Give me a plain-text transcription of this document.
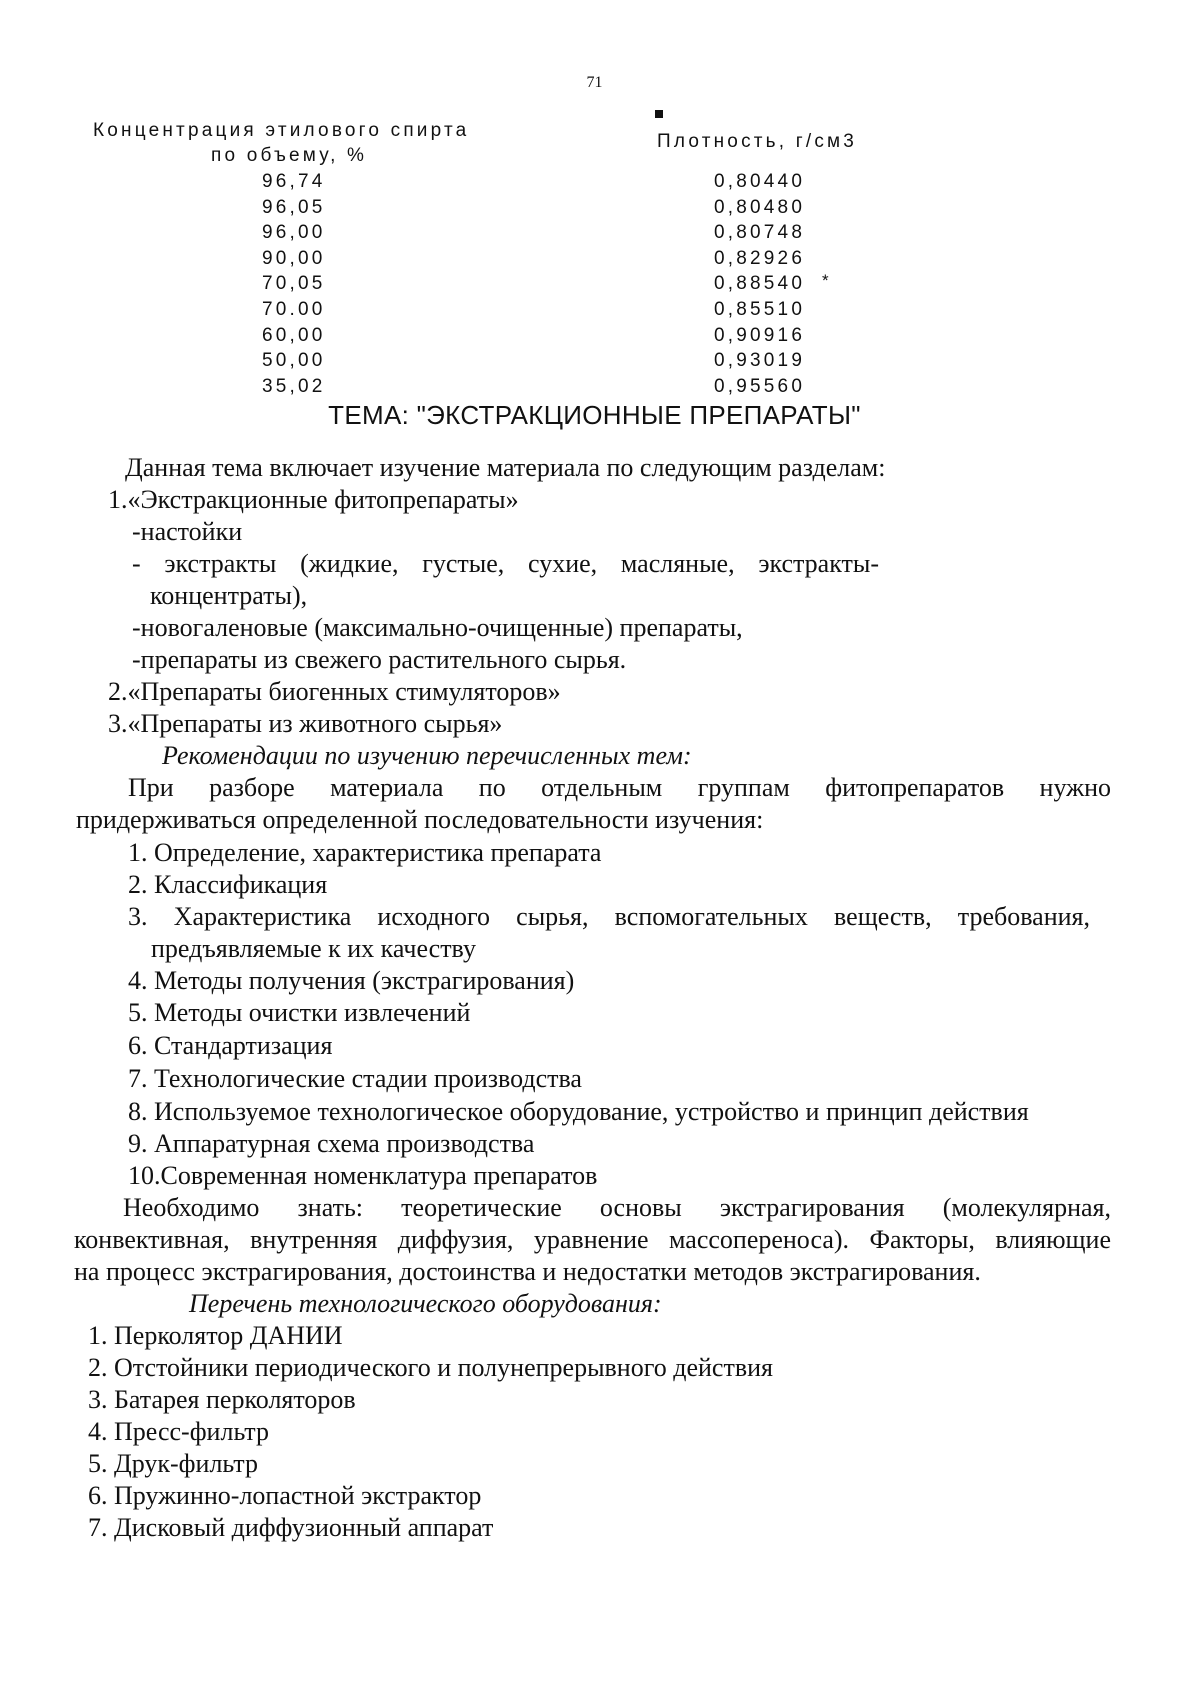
71
Концентрация этилового спирта
по объему, %
Плотность, г/см3
96,74
96,05
96,00
90,00
70,05
70.00
60,00
50,00
35,02
0,80440
0,80480
0,80748
0,82926
0,88540
0,85510
0,90916
0,93019
0,95560
*
ТЕМА: "ЭКСТРАКЦИОННЫЕ ПРЕПАРАТЫ"
Данная тема включает изучение материала по следующим разделам:
1.«Экстракционные фитопрепараты»
-настойки
- экстракты (жидкие, густые, сухие, масляные, экстракты-
концентраты),
-новогаленовые (максимально-очищенные) препараты,
-препараты из свежего растительного сырья.
2.«Препараты биогенных стимуляторов»
3.«Препараты из животного сырья»
Рекомендации по изучению перечисленных тем:
При разборе материала по отдельным группам фитопрепаратов нужно
придерживаться определенной последовательности изучения:
1. Определение, характеристика препарата
2. Классификация
3. Характеристика исходного сырья, вспомогательных веществ, требования,
предъявляемые к их качеству
4. Методы получения (экстрагирования)
5. Методы очистки извлечений
6. Стандартизация
7. Технологические стадии производства
8. Используемое технологическое оборудование, устройство и принцип действия
9. Аппаратурная схема производства
10.Современная номенклатура препаратов
Необходимо знать: теоретические основы экстрагирования (молекулярная,
конвективная, внутренняя диффузия, уравнение массопереноса). Факторы, влияющие
на процесс экстрагирования, достоинства и недостатки методов экстрагирования.
Перечень технологического оборудования:
1. Перколятор ДАНИИ
2. Отстойники периодического и полунепрерывного действия
3. Батарея перколяторов
4. Пресс-фильтр
5. Друк-фильтр
6. Пружинно-лопастной экстрактор
7. Дисковый диффузионный аппарат
